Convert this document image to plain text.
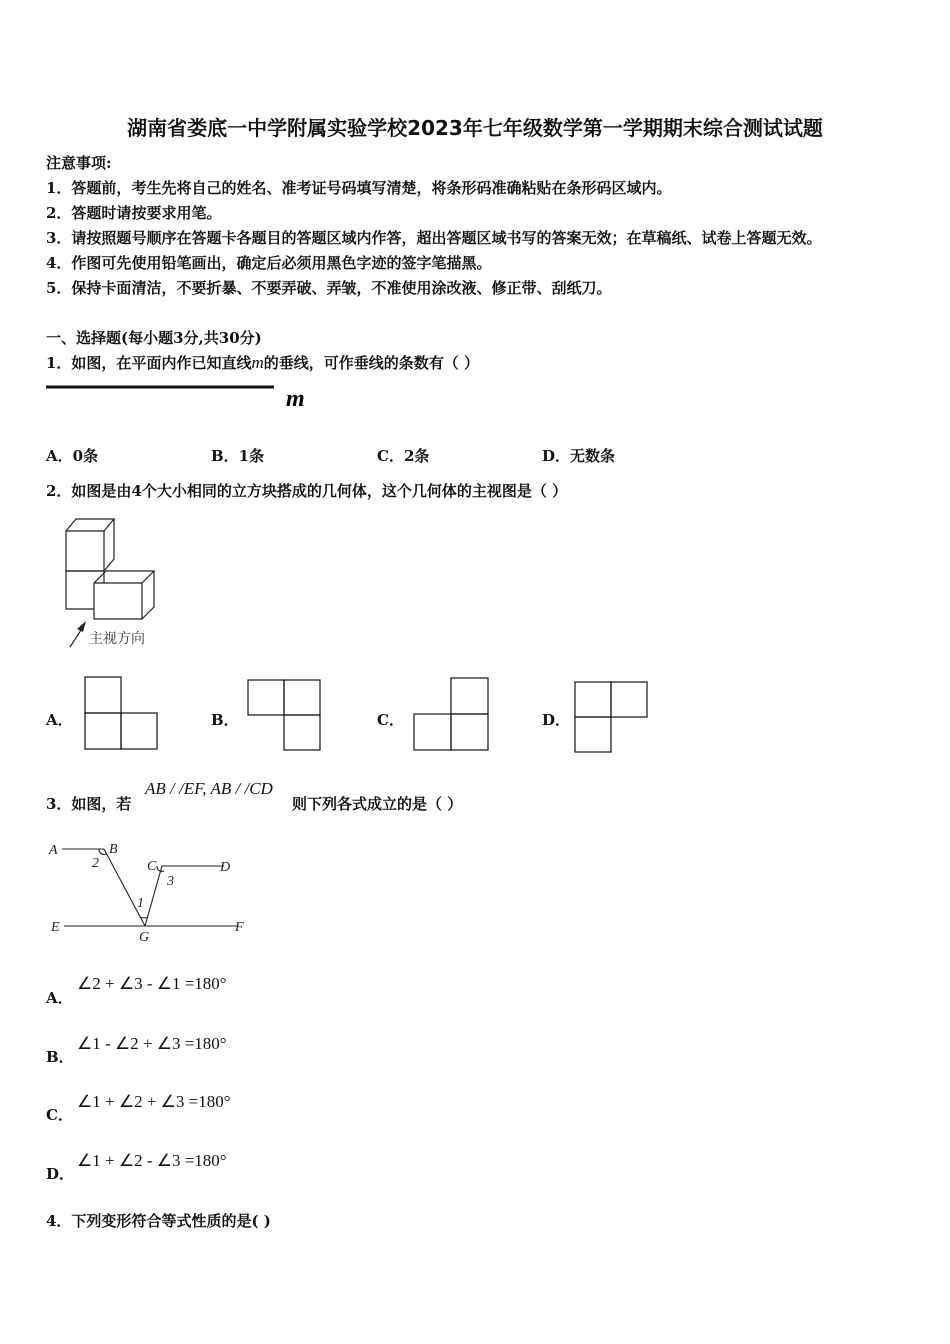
湖南省娄底一中学附属实验学校2023年七年级数学第一学期期末综合测试试题
注意事项:
1．答题前，考生先将自己的姓名、准考证号码填写清楚，将条形码准确粘贴在条形码区域内。
2．答题时请按要求用笔。
3．请按照题号顺序在答题卡各题目的答题区域内作答，超出答题区域书写的答案无效；在草稿纸、试卷上答题无效。
4．作图可先使用铅笔画出，确定后必须用黑色字迹的签字笔描黑。
5．保持卡面清洁，不要折暴、不要弄破、弄皱，不准使用涂改液、修正带、刮纸刀。
一、选择题(每小题3分,共30分)
1．如图，在平面内作已知直线m的垂线，可作垂线的条数有（ ）
m
A．0条	B．1条	C．2条	D．无数条
2．如图是由4个大小相同的立方块搭成的几何体，这个几何体的主视图是（ ）
主视方向
A．	B．	C．	D．
3．如图，若
AB / /EF, AB / /CD
则下列各式成立的是（ ）
A	B
C	D
E
G
F
2
3
1
A．
∠2 + ∠3 - ∠1 =180°
B．
∠1 - ∠2 + ∠3 =180°
C．
∠1 + ∠2 + ∠3 =180°
D．
∠1 + ∠2 - ∠3 =180°
4．下列变形符合等式性质的是( )
